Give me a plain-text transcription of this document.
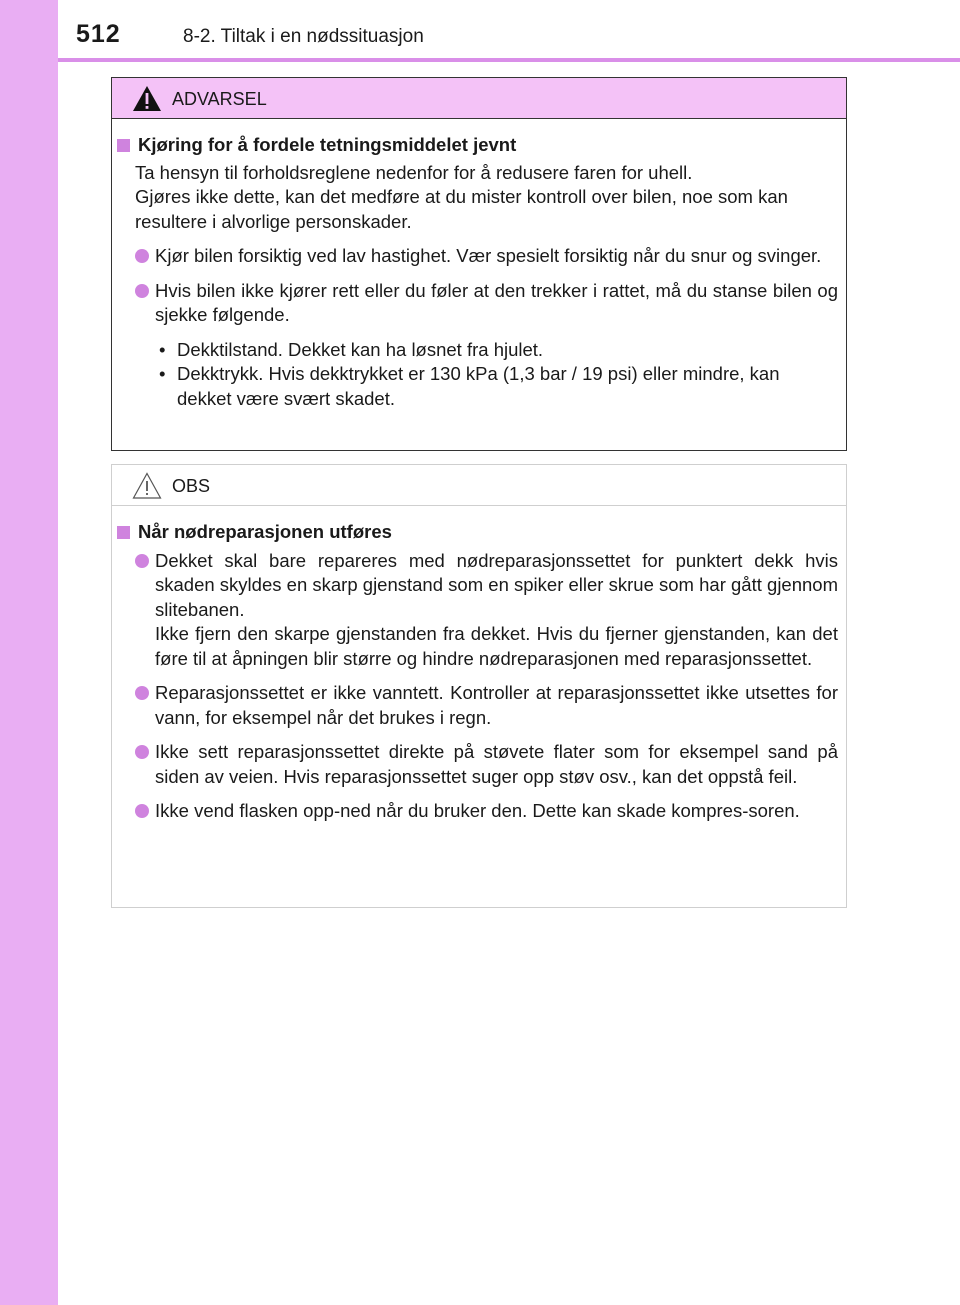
512	8-2. Tiltak i en nødssituasjon
ADVARSEL
Kjøring for å fordele tetningsmiddelet jevnt
Ta hensyn til forholdsreglene nedenfor for å redusere faren for uhell.
Gjøres ikke dette, kan det medføre at du mister kontroll over bilen, noe som kan resultere i alvorlige personskader.
Kjør bilen forsiktig ved lav hastighet. Vær spesielt forsiktig når du snur og svinger.
Hvis bilen ikke kjører rett eller du føler at den trekker i rattet, må du stanse bilen og sjekke følgende.
• Dekktilstand. Dekket kan ha løsnet fra hjulet.
• Dekktrykk. Hvis dekktrykket er 130 kPa (1,3 bar / 19 psi) eller mindre, kan dekket være svært skadet.
OBS
Når nødreparasjonen utføres
Dekket skal bare repareres med nødreparasjonssettet for punktert dekk hvis skaden skyldes en skarp gjenstand som en spiker eller skrue som har gått gjennom slitebanen.
Ikke fjern den skarpe gjenstanden fra dekket. Hvis du fjerner gjenstanden, kan det føre til at åpningen blir større og hindre nødreparasjonen med reparasjonssettet.
Reparasjonssettet er ikke vanntett. Kontroller at reparasjonssettet ikke utsettes for vann, for eksempel når det brukes i regn.
Ikke sett reparasjonssettet direkte på støvete flater som for eksempel sand på siden av veien. Hvis reparasjonssettet suger opp støv osv., kan det oppstå feil.
Ikke vend flasken opp-ned når du bruker den. Dette kan skade kompres-soren.
